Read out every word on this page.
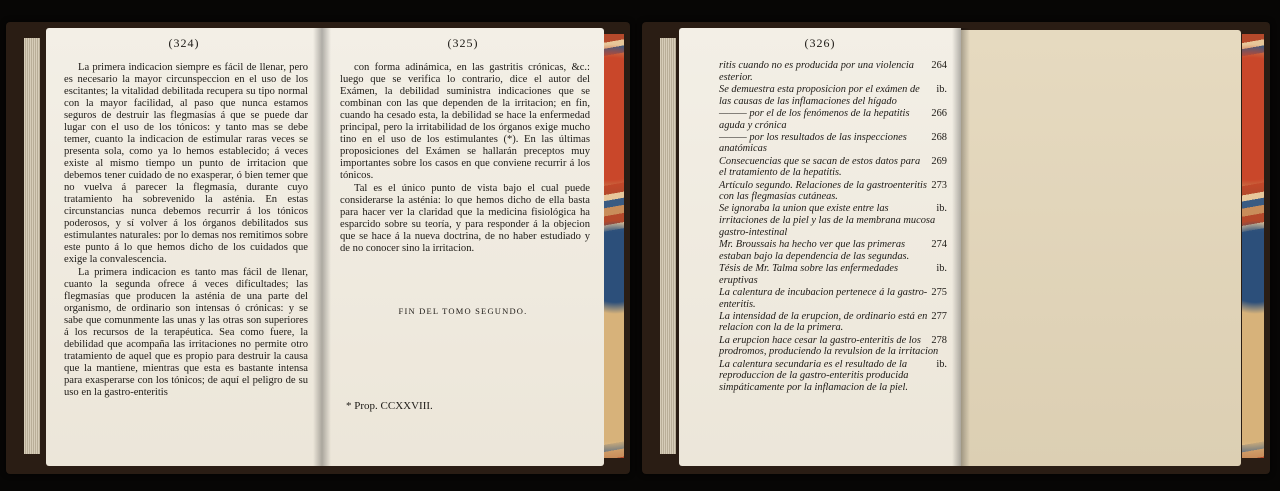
(324)

La primera indicacion siempre es fácil de llenar, pero es necesario la mayor circunspeccion en el uso de los escitantes; la vitalidad debilitada recupera su tipo normal con la mayor facilidad, al paso que nunca estamos seguros de destruir las flegmasías á que se puede dar lugar con el uso de los tónicos: y tanto mas se debe temer, cuanto la indicacion de estimular raras veces se presenta sola, como ya lo hemos establecido; á veces existe al mismo tiempo un punto de irritacion que debemos tener cuidado de no exasperar, ó bien temer que no vuelva á parecer la flegmasía, durante cuyo tratamiento ha sobrevenido la asténia. En estas circunstancias nunca debemos recurrir á los tónicos poderosos, y sí volver á los órganos debilitados sus estimulantes naturales: por lo demas nos remitimos sobre este punto á lo que hemos dicho de los cuidados que exige la convalescencia.

La primera indicacion es tanto mas fácil de llenar, cuanto la segunda ofrece á veces dificultades; las flegmasías que producen la asténia de una parte del organismo, de ordinario son intensas ó crónicas: y se sabe que comunmente las unas y las otras son superiores á los recursos de la terapéutica. Sea como fuere, la debilidad que acompaña las irritaciones no permite otro tratamiento de aquel que es propio para destruir la causa que la mantiene, mientras que esta es bastante intensa para exasperarse con los tónicos; de aquí el peligro de su uso en la gastro-enteritis

(325)

con forma adinámica, en las gastritis crónicas, &c.: luego que se verifica lo contrario, dice el autor del Exámen, la debilidad suministra indicaciones que se combinan con las que dependen de la irritacion; en fin, cuando ha cesado esta, la debilidad se hace la enfermedad principal, pero la irritabilidad de los órganos exige mucho tino en el uso de los estimulantes (*). En las últimas proposiciones del Exámen se hallarán preceptos muy importantes sobre los casos en que conviene recurrir á los tónicos.

Tal es el único punto de vista bajo el cual puede considerarse la asténia: lo que hemos dicho de ella basta para hacer ver la claridad que la medicina fisiológica ha esparcido sobre su teoría, y para responder á la objecion que se hace á la nueva doctrina, de no haber estudiado y de no conocer sino la irritacion.

FIN DEL TOMO SEGUNDO.
* Prop. CCXXVIII.
(326)
264
ritis cuando no es producida por una violencia esterior.
ib.
Se demuestra esta proposicion por el exámen de las causas de las inflamaciones del hígado
266
——— por el de los fenómenos de la hepatitis aguda y crónica
268
——— por los resultados de las inspecciones anatómicas
269
Consecuencias que se sacan de estos datos para el tratamiento de la hepatitis.
273
Artículo segundo. Relaciones de la gastroenteritis con las flegmasías cutáneas.
ib.
Se ignoraba la union que existe entre las irritaciones de la piel y las de la membrana mucosa gastro-intestinal
274
Mr. Broussais ha hecho ver que las primeras estaban bajo la dependencia de las segundas.
ib.
Tésis de Mr. Talma sobre las enfermedades eruptivas
275
La calentura de incubacion pertenece á la gastro-enteritis.
277
La intensidad de la erupcion, de ordinario está en relacion con la de la primera.
278
La erupcion hace cesar la gastro-enteritis de los prodromos, produciendo la revulsion de la irritacion
ib.
La calentura secundaria es el resultado de la reproduccion de la gastro-enteritis producida simpáticamente por la inflamacion de la piel.
